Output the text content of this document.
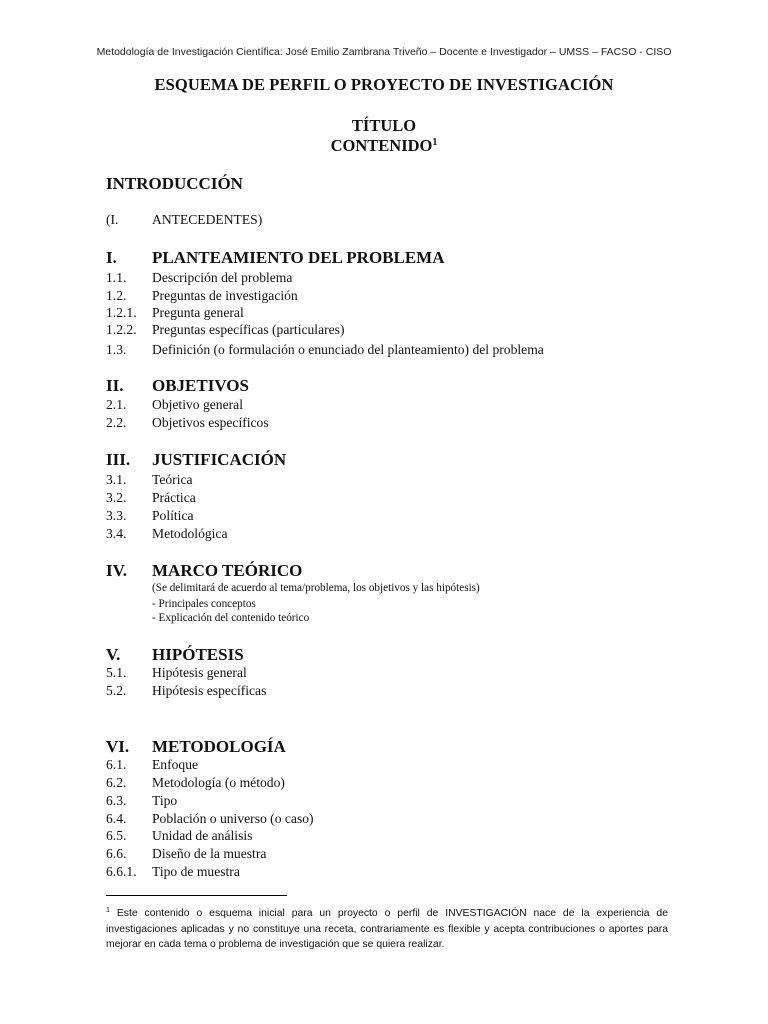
Metodología de Investigación Científica: José Emilio Zambrana Triveño – Docente e Investigador – UMSS – FACSO - CISO
ESQUEMA DE PERFIL O PROYECTO DE INVESTIGACIÓN
TÍTULO
CONTENIDO$^1$
INTRODUCCIÓN
(I. ANTECEDENTES)
I. PLANTEAMIENTO DEL PROBLEMA
1.1. Descripción del problema
1.2. Preguntas de investigación
1.2.1. Pregunta general
1.2.2. Preguntas específicas (particulares)
1.3. Definición (o formulación o enunciado del planteamiento) del problema
II. OBJETIVOS
2.1. Objetivo general
2.2. Objetivos específicos
III. JUSTIFICACIÓN
3.1. Teórica
3.2. Práctica
3.3. Política
3.4. Metodológica
IV. MARCO TEÓRICO
(Se delimitará de acuerdo al tema/problema, los objetivos y las hipótesis)
- Principales conceptos
- Explicación del contenido teórico
V. HIPÓTESIS
5.1. Hipótesis general
5.2. Hipótesis específicas
VI. METODOLOGÍA
6.1. Enfoque
6.2. Metodología (o método)
6.3. Tipo
6.4. Población o universo (o caso)
6.5. Unidad de análisis
6.6. Diseño de la muestra
6.6.1. Tipo de muestra
$^1$ Este contenido o esquema inicial para un proyecto o perfil de INVESTIGACIÓN nace de la experiencia de investigaciones aplicadas y no constituye una receta, contrariamente es flexible y acepta contribuciones o aportes para mejorar en cada tema o problema de investigación que se quiera realizar.
